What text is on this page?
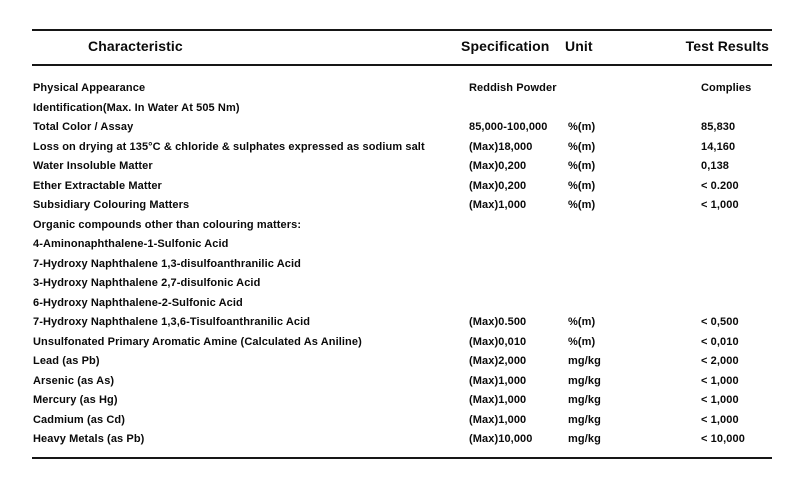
Characteristic	Specification Unit	Test Results
Physical Appearance	Reddish Powder	Complies
Identification(Max. In Water At 505 Nm)
Total Color / Assay	85,000-100,000	%(m)	85,830
Loss on drying at 135°C & chloride & sulphates expressed as sodium salt	(Max)18,000	%(m)	14,160
Water Insoluble Matter	(Max)0,200	%(m)	0,138
Ether Extractable Matter	(Max)0,200	%(m)	< 0.200
Subsidiary Colouring Matters	(Max)1,000	%(m)	< 1,000
Organic compounds other than colouring matters:
4-Aminonaphthalene-1-Sulfonic Acid
7-Hydroxy Naphthalene 1,3-disulfoanthranilic Acid
3-Hydroxy Naphthalene 2,7-disulfonic Acid
6-Hydroxy Naphthalene-2-Sulfonic Acid
7-Hydroxy Naphthalene 1,3,6-Tisulfoanthranilic Acid	(Max)0.500	%(m)	< 0,500
Unsulfonated Primary Aromatic Amine (Calculated As Aniline)	(Max)0,010	%(m)	< 0,010
Lead (as Pb)	(Max)2,000	mg/kg	< 2,000
Arsenic (as As)	(Max)1,000	mg/kg	< 1,000
Mercury (as Hg)	(Max)1,000	mg/kg	< 1,000
Cadmium (as Cd)	(Max)1,000	mg/kg	< 1,000
Heavy Metals (as Pb)	(Max)10,000	mg/kg	< 10,000
